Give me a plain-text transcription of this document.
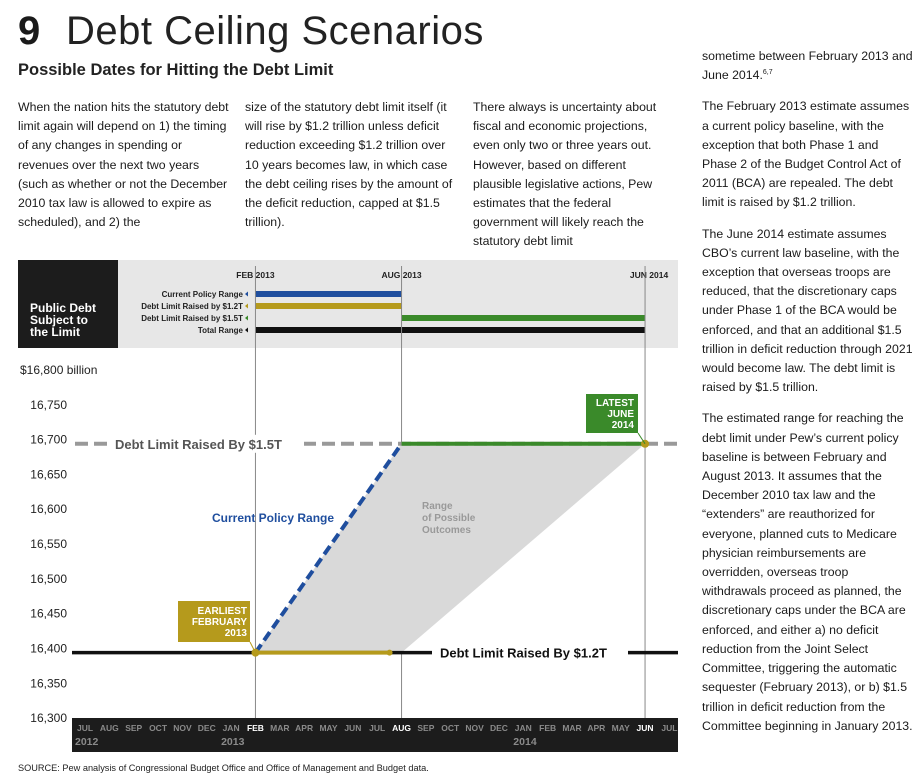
9 Debt Ceiling Scenarios
Possible Dates for Hitting the Debt Limit

When the nation hits the statutory debt limit again will depend on 1) the timing of any changes in spending or revenues over the next two years (such as whether or not the December 2010 tax law is allowed to expire as scheduled), and 2) the

size of the statutory debt limit itself (it will rise by $1.2 trillion unless deficit reduction exceeding $1.2 trillion over 10 years becomes law, in which case the debt ceiling rises by the amount of the deficit reduction, capped at $1.5 trillion).

There always is uncertainty about fiscal and economic projections, even only two or three years out. However, based on different plausible legislative actions, Pew estimates that the federal government will likely reach the statutory debt limit

sometime between February 2013 and June 2014.$^{6,7}$

The February 2013 estimate assumes a current policy baseline, with the exception that both Phase 1 and Phase 2 of the Budget Control Act of 2011 (BCA) are repealed. The debt limit is raised by $1.2 trillion.

The June 2014 estimate assumes CBO’s current law baseline, with the exception that overseas troops are reduced, that the discretionary caps under Phase 1 of the BCA would be enforced, and that an additional $1.5 trillion in deficit reduction through 2021 would become law. The debt limit is raised by $1.5 trillion.

The estimated range for reaching the debt limit under Pew’s current policy baseline is between February and August 2013. It assumes that the December 2010 tax law and the “extenders” are reauthorized for everyone, planned cuts to Medicare physician reimbursements are overridden, overseas troop withdrawals proceed as planned, the discretionary caps under the BCA are enforced, and either a) no deficit reduction from the Joint Select Committee, triggering the automatic sequester (February 2013), or b) $1.5 trillion in deficit reduction from the Committee beginning in January 2013.

Public Debt
Subject to
the Limit
FEB 2013	AUG 2013	JUN 2014
Current Policy Range
Debt Limit Raised by $1.2T
Debt Limit Raised by $1.5T
Total Range
$16,800 billion
16,750
16,700
16,650
16,600
16,550
16,500
16,450
16,400
16,350
16,300
Range
of Possible
Outcomes
Debt Limit Raised By $1.5T
Debt Limit Raised By $1.2T
Current Policy Range
EARLIEST
FEBRUARY
2013
LATEST
JUNE
2014
JUL AUG SEP OCT NOV DEC JAN FEB MAR APR MAY JUN JUL AUG SEP OCT NOV DEC JAN FEB MAR APR MAY JUN JUL
2012	2013	2014
SOURCE: Pew analysis of Congressional Budget Office and Office of Management and Budget data.
